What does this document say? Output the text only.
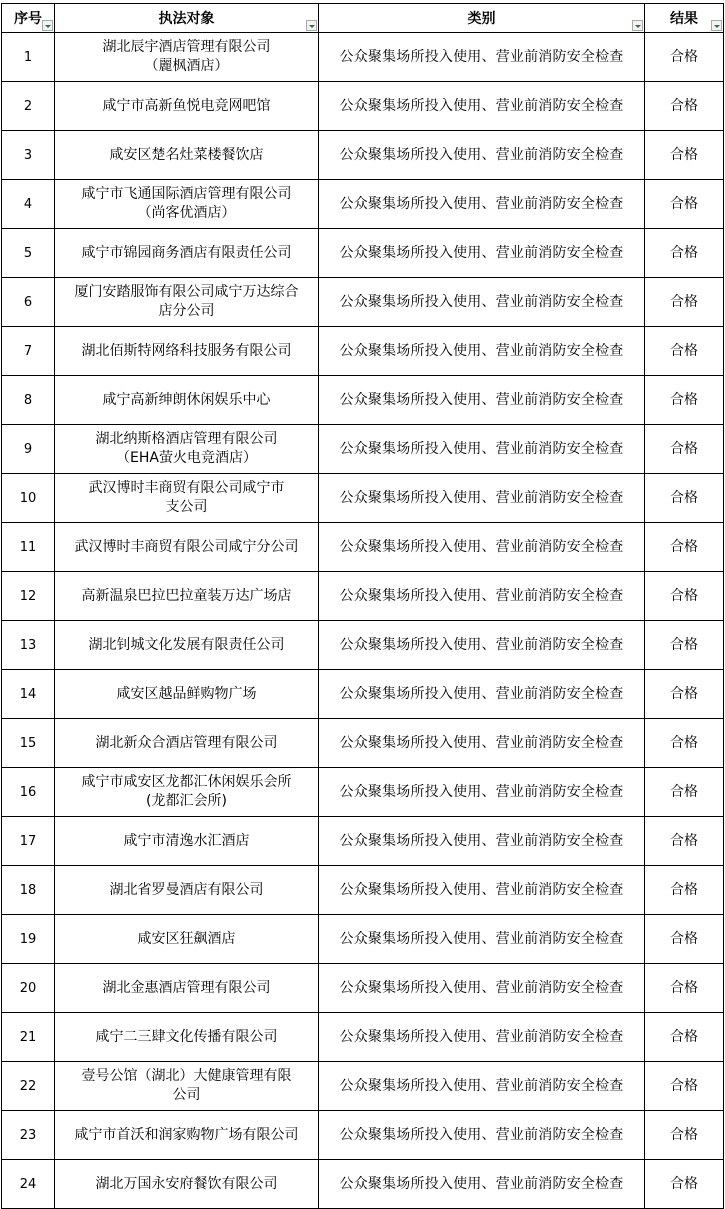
序号	执法对象	类别	结果

1	湖北辰宇酒店管理有限公司
（麗枫酒店）	公众聚集场所投入使用、营业前消防安全检查	合格
2	咸宁市高新鱼悦电竞网吧馆	公众聚集场所投入使用、营业前消防安全检查	合格
3	咸安区楚名灶菜楼餐饮店	公众聚集场所投入使用、营业前消防安全检查	合格
4	咸宁市飞通国际酒店管理有限公司
（尚客优酒店）	公众聚集场所投入使用、营业前消防安全检查	合格
5	咸宁市锦园商务酒店有限责任公司	公众聚集场所投入使用、营业前消防安全检查	合格
6	厦门安踏服饰有限公司咸宁万达综合
店分公司	公众聚集场所投入使用、营业前消防安全检查	合格
7	湖北佰斯特网络科技服务有限公司	公众聚集场所投入使用、营业前消防安全检查	合格
8	咸宁高新绅朗休闲娱乐中心	公众聚集场所投入使用、营业前消防安全检查	合格
9	湖北纳斯格酒店管理有限公司
（EHA萤火电竞酒店）	公众聚集场所投入使用、营业前消防安全检查	合格
10	武汉博时丰商贸有限公司咸宁市
支公司	公众聚集场所投入使用、营业前消防安全检查	合格
11	武汉博时丰商贸有限公司咸宁分公司	公众聚集场所投入使用、营业前消防安全检查	合格
12	高新温泉巴拉巴拉童装万达广场店	公众聚集场所投入使用、营业前消防安全检查	合格
13	湖北钊城文化发展有限责任公司	公众聚集场所投入使用、营业前消防安全检查	合格
14	咸安区越品鲜购物广场	公众聚集场所投入使用、营业前消防安全检查	合格
15	湖北新众合酒店管理有限公司	公众聚集场所投入使用、营业前消防安全检查	合格
16	咸宁市咸安区龙都汇休闲娱乐会所
(龙都汇会所)	公众聚集场所投入使用、营业前消防安全检查	合格
17	咸宁市清逸水汇酒店	公众聚集场所投入使用、营业前消防安全检查	合格
18	湖北省罗曼酒店有限公司	公众聚集场所投入使用、营业前消防安全检查	合格
19	咸安区狂飙酒店	公众聚集场所投入使用、营业前消防安全检查	合格
20	湖北金惠酒店管理有限公司	公众聚集场所投入使用、营业前消防安全检查	合格
21	咸宁二三肆文化传播有限公司	公众聚集场所投入使用、营业前消防安全检查	合格
22	壹号公馆（湖北）大健康管理有限
公司	公众聚集场所投入使用、营业前消防安全检查	合格
23	咸宁市首沃和润家购物广场有限公司	公众聚集场所投入使用、营业前消防安全检查	合格
24	湖北万国永安府餐饮有限公司	公众聚集场所投入使用、营业前消防安全检查	合格
